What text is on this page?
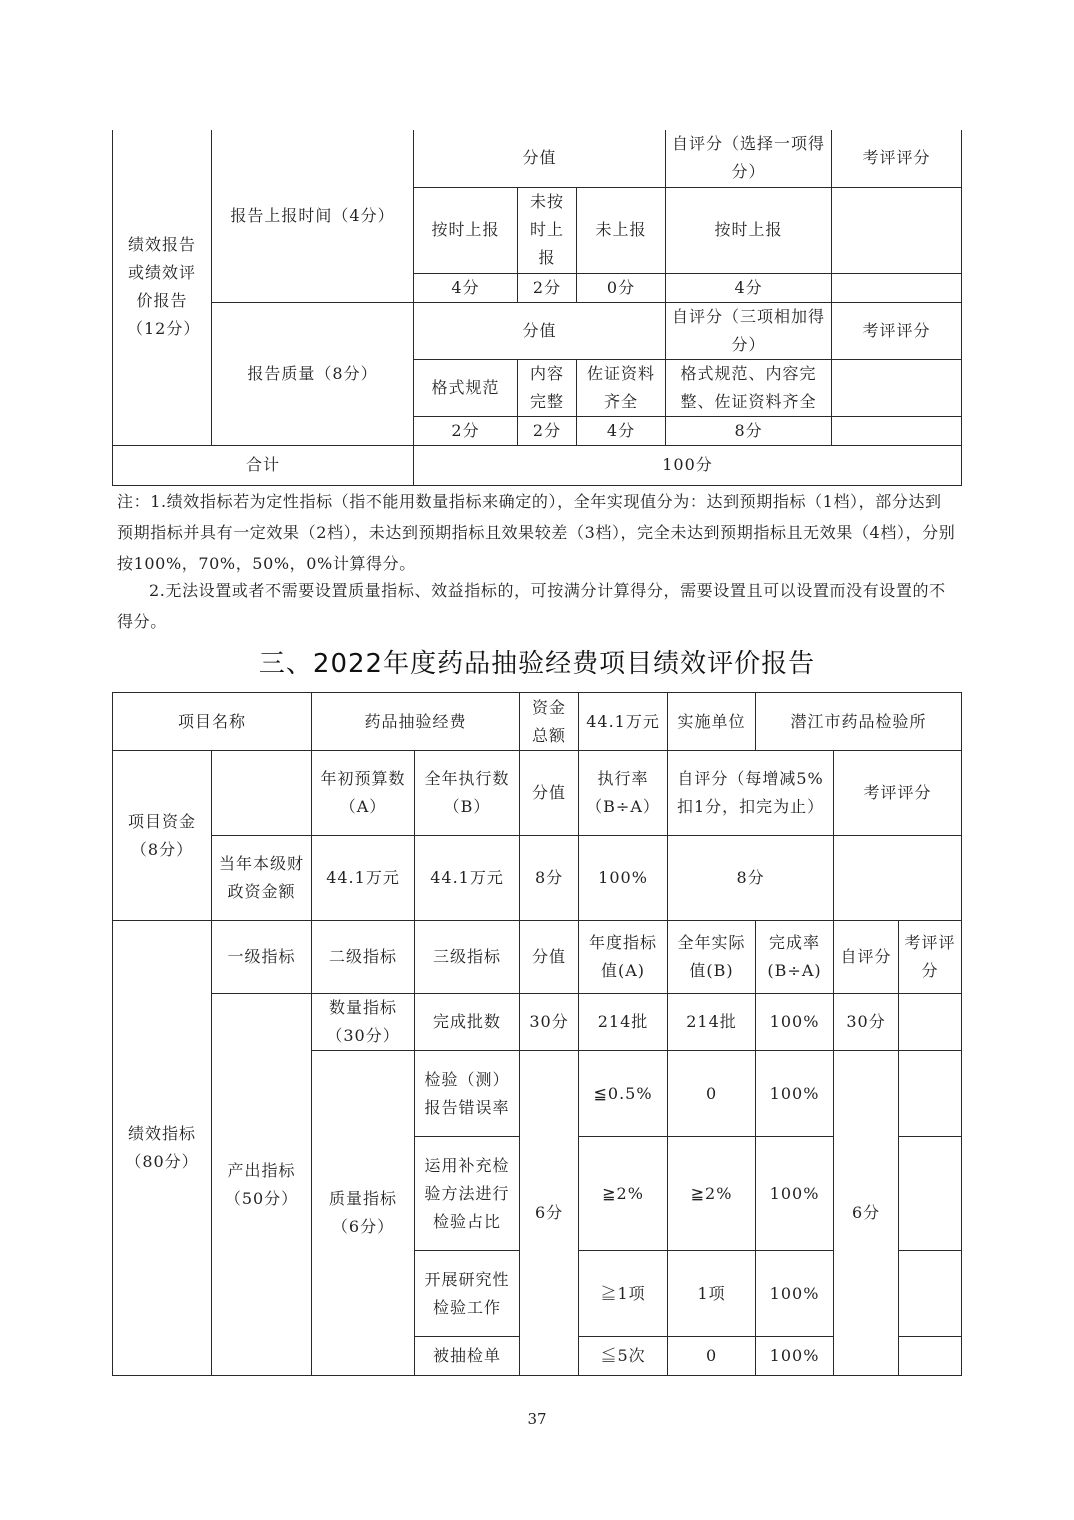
绩效报告或绩效评价报告（12分）	报告上报时间（4分）	分值			自评分（选择一项得分）	考评评分
		按时上报	未按时上报	未上报	按时上报	
		4分	2分	0分	4分	
	报告质量（8分）	分值			自评分（三项相加得分）	考评评分
		格式规范	内容完整	佐证资料齐全	格式规范、内容完整、佐证资料齐全	
		2分	2分	4分	8分	
合计		100分				

注：1.绩效指标若为定性指标（指不能用数量指标来确定的），全年实现值分为：达到预期指标（1档），部分达到预期指标并具有一定效果（2档），未达到预期指标且效果较差（3档），完全未达到预期指标且无效果（4档），分别按100%，70%，50%，0%计算得分。

2.无法设置或者不需要设置质量指标、效益指标的，可按满分计算得分，需要设置且可以设置而没有设置的不得分。

三、2022年度药品抽验经费项目绩效评价报告
项目名称		药品抽验经费		资金总额	44.1万元	实施单位	潜江市药品检验所		
项目资金（8分）		年初预算数（A）	全年执行数（B）	分值	执行率（B÷A）	自评分（每增减5%扣1分，扣完为止）		考评评分	
	当年本级财政资金额	44.1万元	44.1万元	8分	100%	8分			
绩效指标（80分）	一级指标	二级指标	三级指标	分值	年度指标值(A)	全年实际值(B)	完成率(B÷A)	自评分	考评评分
	产出指标（50分）	数量指标（30分）	完成批数	30分	214批	214批	100%	30分	
		质量指标（6分）	检验（测）报告错误率	6分	≦0.5%	0	100%	6分	
			运用补充检验方法进行检验占比		≧2%	≧2%	100%		
			开展研究性检验工作		≧1项	1项	100%		
			被抽检单		≦5次	0	100%		
37
